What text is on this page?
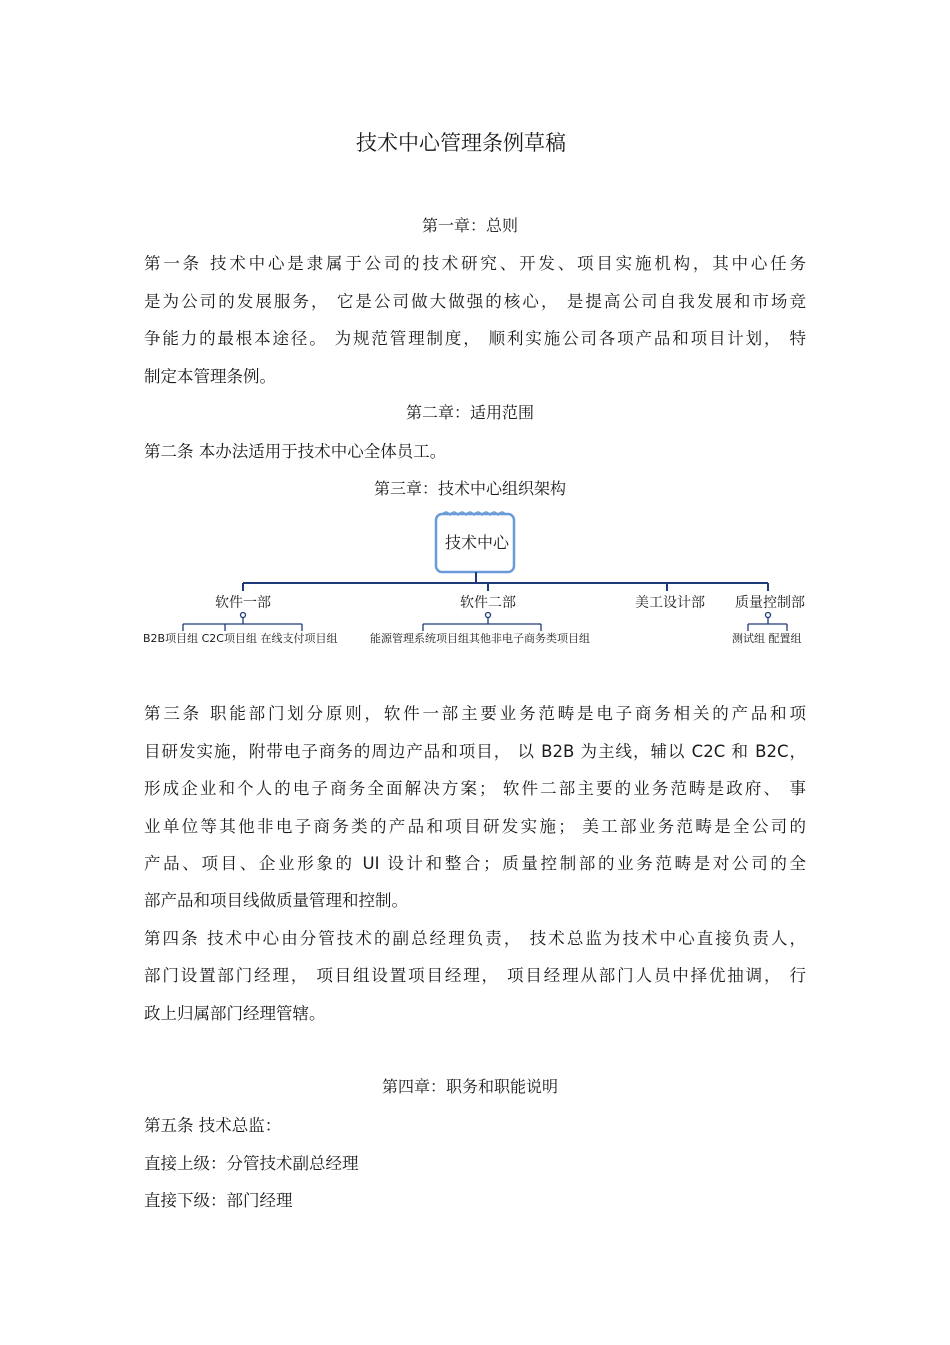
技术中心管理条例草稿
第一章：总则
第一条 技术中心是隶属于公司的技术研究、开发、项目实施机构，其中心任务
是为公司的发展服务， 它是公司做大做强的核心， 是提高公司自我发展和市场竞
争能力的最根本途径。 为规范管理制度， 顺利实施公司各项产品和项目计划， 特
制定本管理条例。
第二章：适用范围
第二条 本办法适用于技术中心全体员工。
第三章：技术中心组织架构
技术中心
软件一部	软件二部	美工设计部 质量控制部
B2B项目组 C2C项目组 在线支付项目组	能源管理系统项目组其他非电子商务类项目组	测试组 配置组
第三条 职能部门划分原则，软件一部主要业务范畴是电子商务相关的产品和项
目研发实施，附带电子商务的周边产品和项目， 以 B2B 为主线，辅以 C2C 和 B2C，
形成企业和个人的电子商务全面解决方案； 软件二部主要的业务范畴是政府、 事
业单位等其他非电子商务类的产品和项目研发实施； 美工部业务范畴是全公司的
产品、项目、企业形象的 UI 设计和整合；质量控制部的业务范畴是对公司的全
部产品和项目线做质量管理和控制。
第四条 技术中心由分管技术的副总经理负责， 技术总监为技术中心直接负责人，
部门设置部门经理， 项目组设置项目经理， 项目经理从部门人员中择优抽调， 行
政上归属部门经理管辖。
第四章：职务和职能说明
第五条 技术总监：
直接上级：分管技术副总经理
直接下级：部门经理
